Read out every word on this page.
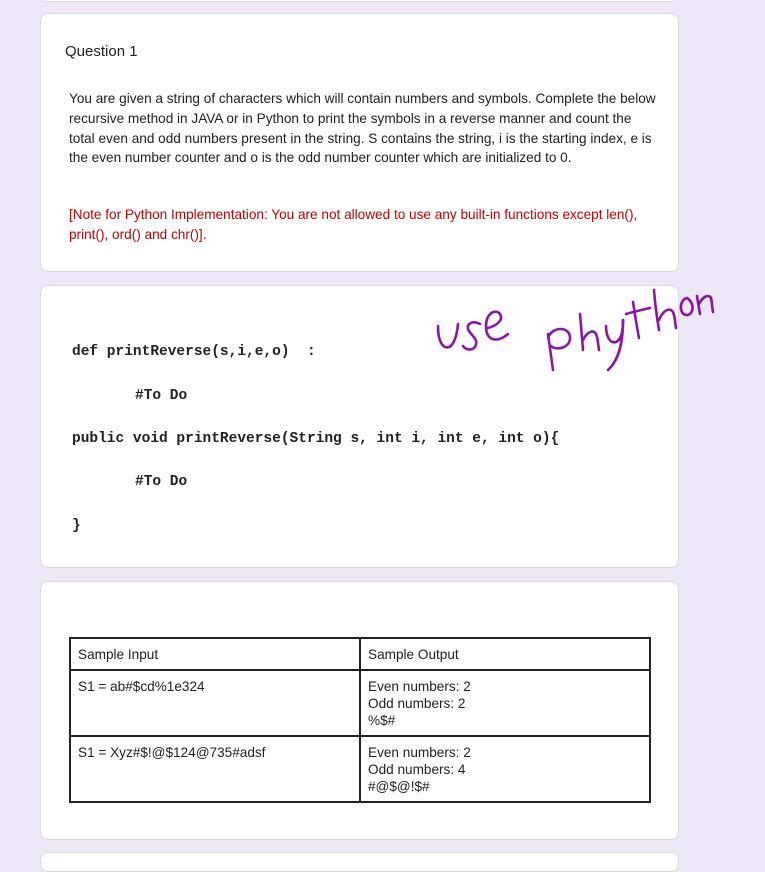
Question 1
You are given a string of characters which will contain numbers and symbols. Complete the below recursive method in JAVA or in Python to print the symbols in a reverse manner and count the total even and odd numbers present in the string. S contains the string, i is the starting index, e is the even number counter and o is the odd number counter which are initialized to 0.
[Note for Python Implementation: You are not allowed to use any built-in functions except len(), print(), ord() and chr()].
def printReverse(s,i,e,o)  :
#To Do
public void printReverse(String s, int i, int e, int o){
#To Do
}
Sample Input	Sample Output
S1 = ab#$cd%1e324	Even numbers: 2
Odd numbers: 2
%$#
S1 = Xyz#$!@$124@735#adsf	Even numbers: 2
Odd numbers: 4
#@$@!$#
